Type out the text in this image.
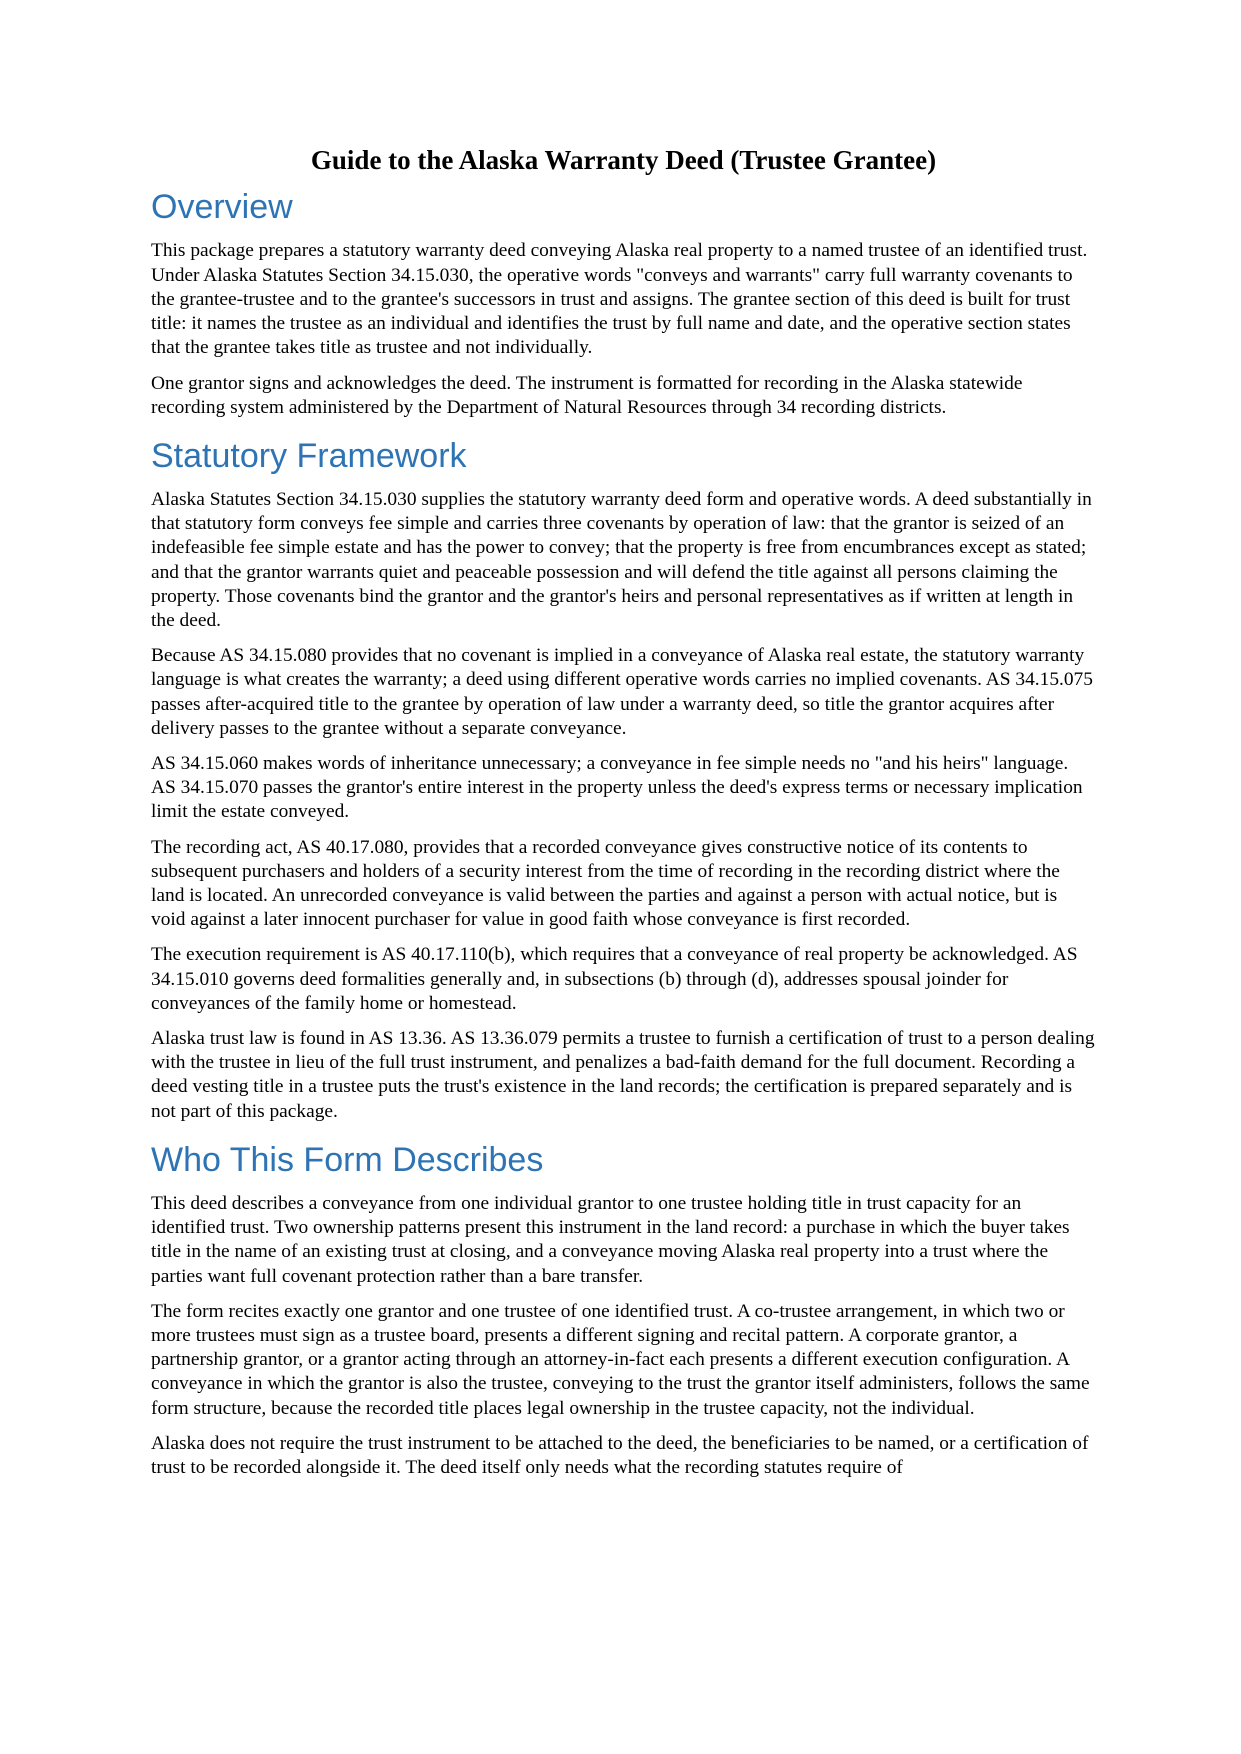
Guide to the Alaska Warranty Deed (Trustee Grantee)
Overview

This package prepares a statutory warranty deed conveying Alaska real property to a named trustee of an identified trust. Under Alaska Statutes Section 34.15.030, the operative words "conveys and warrants" carry full warranty covenants to the grantee-trustee and to the grantee's successors in trust and assigns. The grantee section of this deed is built for trust title: it names the trustee as an individual and identifies the trust by full name and date, and the operative section states that the grantee takes title as trustee and not individually.

One grantor signs and acknowledges the deed. The instrument is formatted for recording in the Alaska statewide recording system administered by the Department of Natural Resources through 34 recording districts.

Statutory Framework

Alaska Statutes Section 34.15.030 supplies the statutory warranty deed form and operative words. A deed substantially in that statutory form conveys fee simple and carries three covenants by operation of law: that the grantor is seized of an indefeasible fee simple estate and has the power to convey; that the property is free from encumbrances except as stated; and that the grantor warrants quiet and peaceable possession and will defend the title against all persons claiming the property. Those covenants bind the grantor and the grantor's heirs and personal representatives as if written at length in the deed.

Because AS 34.15.080 provides that no covenant is implied in a conveyance of Alaska real estate, the statutory warranty language is what creates the warranty; a deed using different operative words carries no implied covenants. AS 34.15.075 passes after-acquired title to the grantee by operation of law under a warranty deed, so title the grantor acquires after delivery passes to the grantee without a separate conveyance.

AS 34.15.060 makes words of inheritance unnecessary; a conveyance in fee simple needs no "and his heirs" language. AS 34.15.070 passes the grantor's entire interest in the property unless the deed's express terms or necessary implication limit the estate conveyed.

The recording act, AS 40.17.080, provides that a recorded conveyance gives constructive notice of its contents to subsequent purchasers and holders of a security interest from the time of recording in the recording district where the land is located. An unrecorded conveyance is valid between the parties and against a person with actual notice, but is void against a later innocent purchaser for value in good faith whose conveyance is first recorded.

The execution requirement is AS 40.17.110(b), which requires that a conveyance of real property be acknowledged. AS 34.15.010 governs deed formalities generally and, in subsections (b) through (d), addresses spousal joinder for conveyances of the family home or homestead.

Alaska trust law is found in AS 13.36. AS 13.36.079 permits a trustee to furnish a certification of trust to a person dealing with the trustee in lieu of the full trust instrument, and penalizes a bad-faith demand for the full document. Recording a deed vesting title in a trustee puts the trust's existence in the land records; the certification is prepared separately and is not part of this package.

Who This Form Describes

This deed describes a conveyance from one individual grantor to one trustee holding title in trust capacity for an identified trust. Two ownership patterns present this instrument in the land record: a purchase in which the buyer takes title in the name of an existing trust at closing, and a conveyance moving Alaska real property into a trust where the parties want full covenant protection rather than a bare transfer.

The form recites exactly one grantor and one trustee of one identified trust. A co-trustee arrangement, in which two or more trustees must sign as a trustee board, presents a different signing and recital pattern. A corporate grantor, a partnership grantor, or a grantor acting through an attorney-in-fact each presents a different execution configuration. A conveyance in which the grantor is also the trustee, conveying to the trust the grantor itself administers, follows the same form structure, because the recorded title places legal ownership in the trustee capacity, not the individual.

Alaska does not require the trust instrument to be attached to the deed, the beneficiaries to be named, or a certification of trust to be recorded alongside it. The deed itself only needs what the recording statutes require of
